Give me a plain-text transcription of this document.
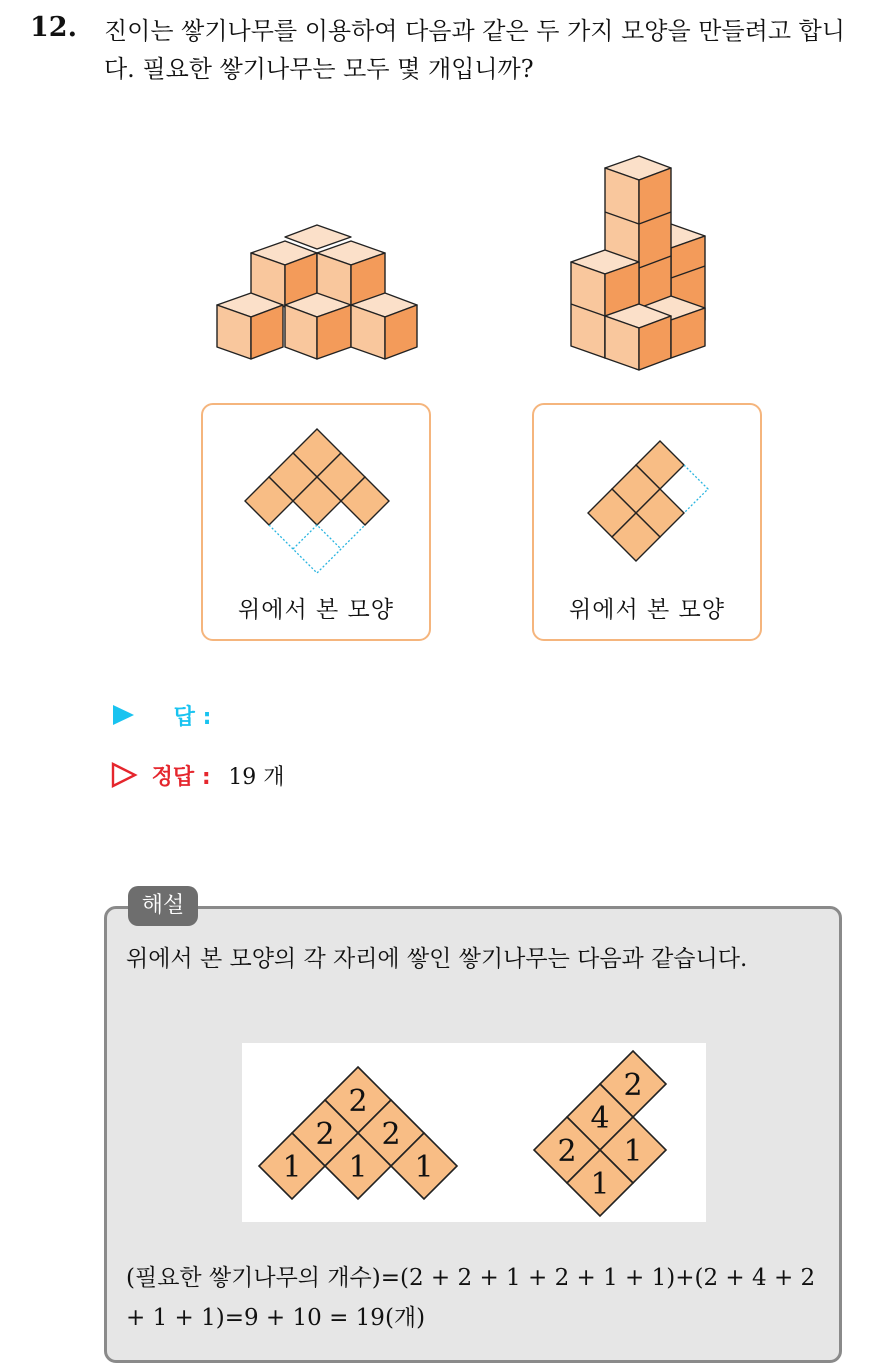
12. 진이는 쌓기나무를 이용하여 다음과 같은 두 가지 모양을 만들려고 합니다. 필요한 쌓기나무는 모두 몇 개입니까?
위에서 본 모양	위에서 본 모양
답 :
정답 : 19 개
해설
위에서 본 모양의 각 자리에 쌓인 쌓기나무는 다음과 같습니다.
2
2 2
1 1 1
2
4
2 1
1
(필요한 쌓기나무의 개수)=(2 + 2 + 1 + 2 + 1 + 1)+(2 + 4 + 2 + 1 + 1)=9 + 10 = 19(개)
